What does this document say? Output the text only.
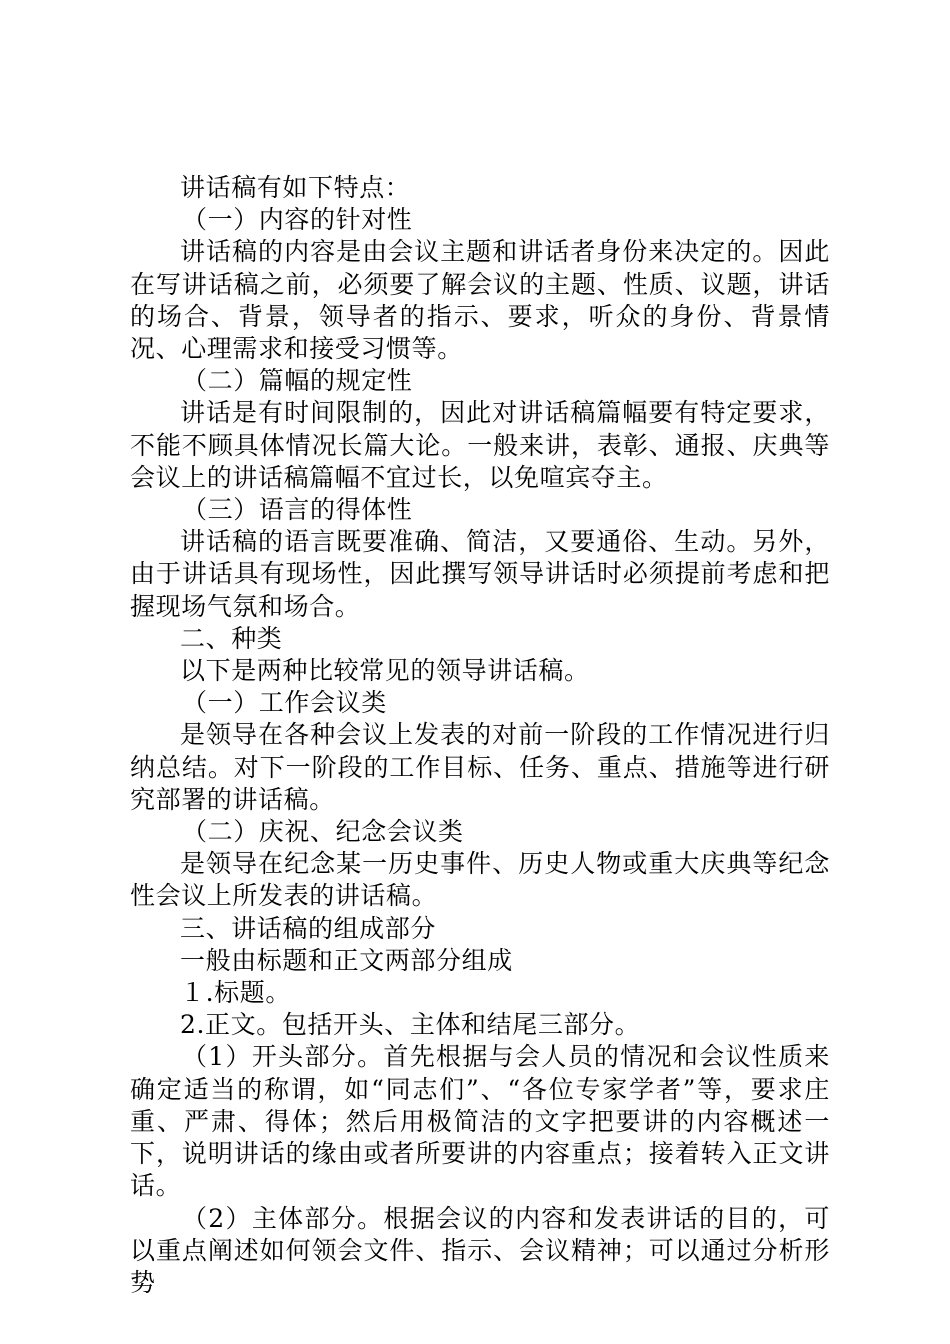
讲话稿有如下特点：

（一）内容的针对性

讲话稿的内容是由会议主题和讲话者身份来决定的。因此在写讲话稿之前，必须要了解会议的主题、性质、议题，讲话的场合、背景，领导者的指示、要求，听众的身份、背景情况、心理需求和接受习惯等。

（二）篇幅的规定性

讲话是有时间限制的，因此对讲话稿篇幅要有特定要求，不能不顾具体情况长篇大论。一般来讲，表彰、通报、庆典等会议上的讲话稿篇幅不宜过长，以免喧宾夺主。

（三）语言的得体性

讲话稿的语言既要准确、简洁，又要通俗、生动。另外，由于讲话具有现场性，因此撰写领导讲话时必须提前考虑和把握现场气氛和场合。

二、种类

以下是两种比较常见的领导讲话稿。

（一）工作会议类

是领导在各种会议上发表的对前一阶段的工作情况进行归纳总结。对下一阶段的工作目标、任务、重点、措施等进行研究部署的讲话稿。

（二）庆祝、纪念会议类

是领导在纪念某一历史事件、历史人物或重大庆典等纪念性会议上所发表的讲话稿。

三、讲话稿的组成部分

一般由标题和正文两部分组成

１.标题。

2.正文。包括开头、主体和结尾三部分。

（1）开头部分。首先根据与会人员的情况和会议性质来确定适当的称谓，如“同志们”、“各位专家学者”等，要求庄重、严肃、得体；然后用极简洁的文字把要讲的内容概述一下，说明讲话的缘由或者所要讲的内容重点；接着转入正文讲话。

（2）主体部分。根据会议的内容和发表讲话的目的，可以重点阐述如何领会文件、指示、会议精神；可以通过分析形势
